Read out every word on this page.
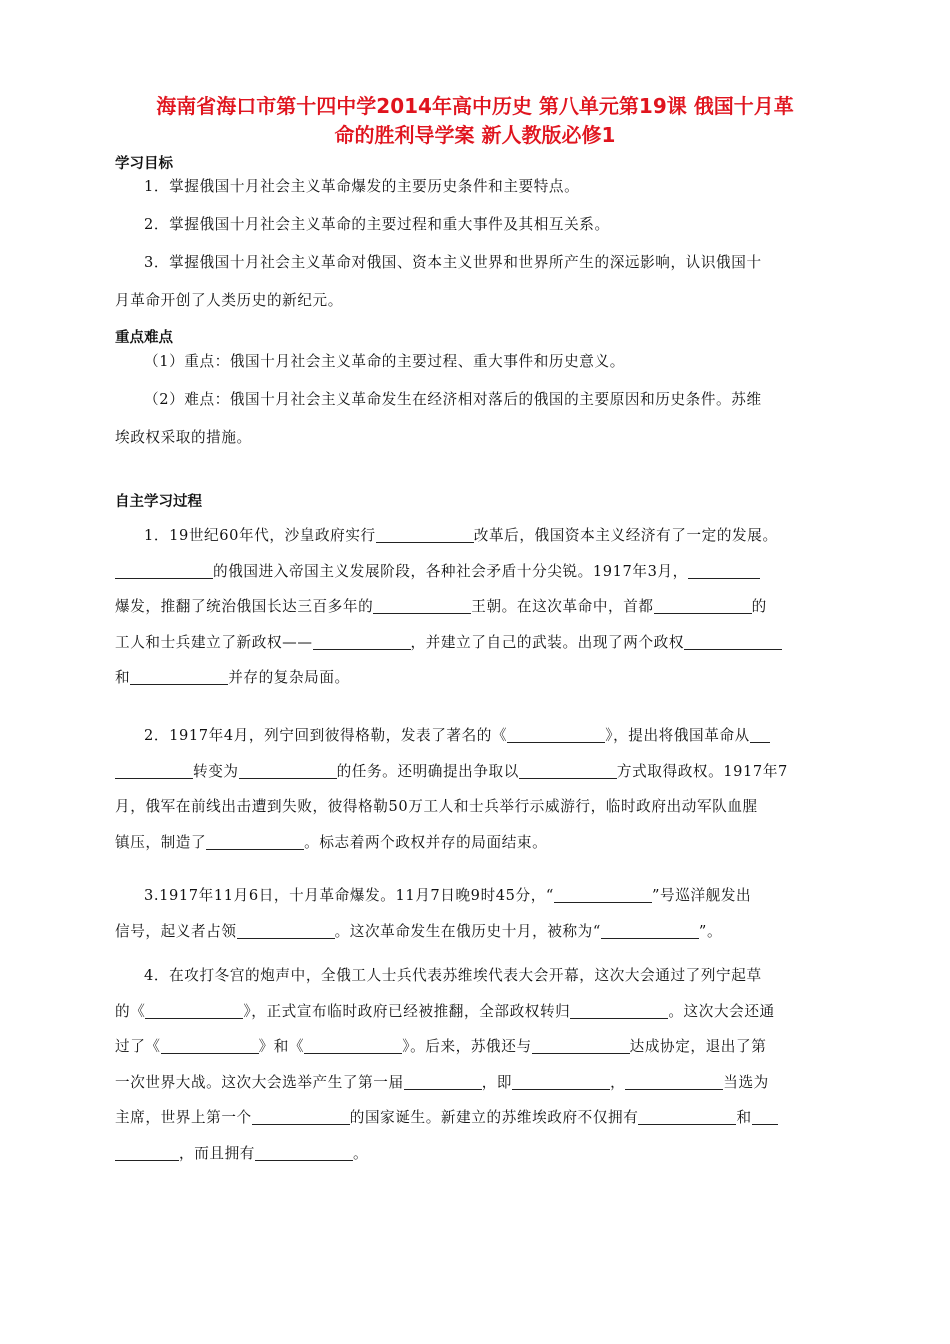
海南省海口市第十四中学2014年高中历史 第八单元第19课 俄国十月革
命的胜利导学案 新人教版必修1
学习目标
1．掌握俄国十月社会主义革命爆发的主要历史条件和主要特点。
2．掌握俄国十月社会主义革命的主要过程和重大事件及其相互关系。
3．掌握俄国十月社会主义革命对俄国、资本主义世界和世界所产生的深远影响，认识俄国十
月革命开创了人类历史的新纪元。
重点难点
（1）重点：俄国十月社会主义革命的主要过程、重大事件和历史意义。
（2）难点：俄国十月社会主义革命发生在经济相对落后的俄国的主要原因和历史条件。苏维
埃政权采取的措施。
自主学习过程
1．19世纪60年代，沙皇政府实行	改革后，俄国资本主义经济有了一定的发展。
的俄国进入帝国主义发展阶段，各种社会矛盾十分尖锐。1917年3月，
爆发，推翻了统治俄国长达三百多年的	王朝。在这次革命中，首都	的
工人和士兵建立了新政权——	，并建立了自己的武装。出现了两个政权
和	并存的复杂局面。
2．1917年4月，列宁回到彼得格勒，发表了著名的《	》，提出将俄国革命从
转变为	的任务。还明确提出争取以	方式取得政权。1917年7
月，俄军在前线出击遭到失败，彼得格勒50万工人和士兵举行示威游行，临时政府出动军队血腥
镇压，制造了	。标志着两个政权并存的局面结束。
3.1917年11月6日，十月革命爆发。11月7日晚9时45分，“	”号巡洋舰发出
信号，起义者占领	。这次革命发生在俄历史十月，被称为“	”。
4．在攻打冬宫的炮声中，全俄工人士兵代表苏维埃代表大会开幕，这次大会通过了列宁起草
的《	》，正式宣布临时政府已经被推翻，全部政权转归	。这次大会还通
过了《	》和《	》。后来，苏俄还与	达成协定，退出了第
一次世界大战。这次大会选举产生了第一届	，即	，	当选为
主席，世界上第一个	的国家诞生。新建立的苏维埃政府不仅拥有	和
，而且拥有	。
